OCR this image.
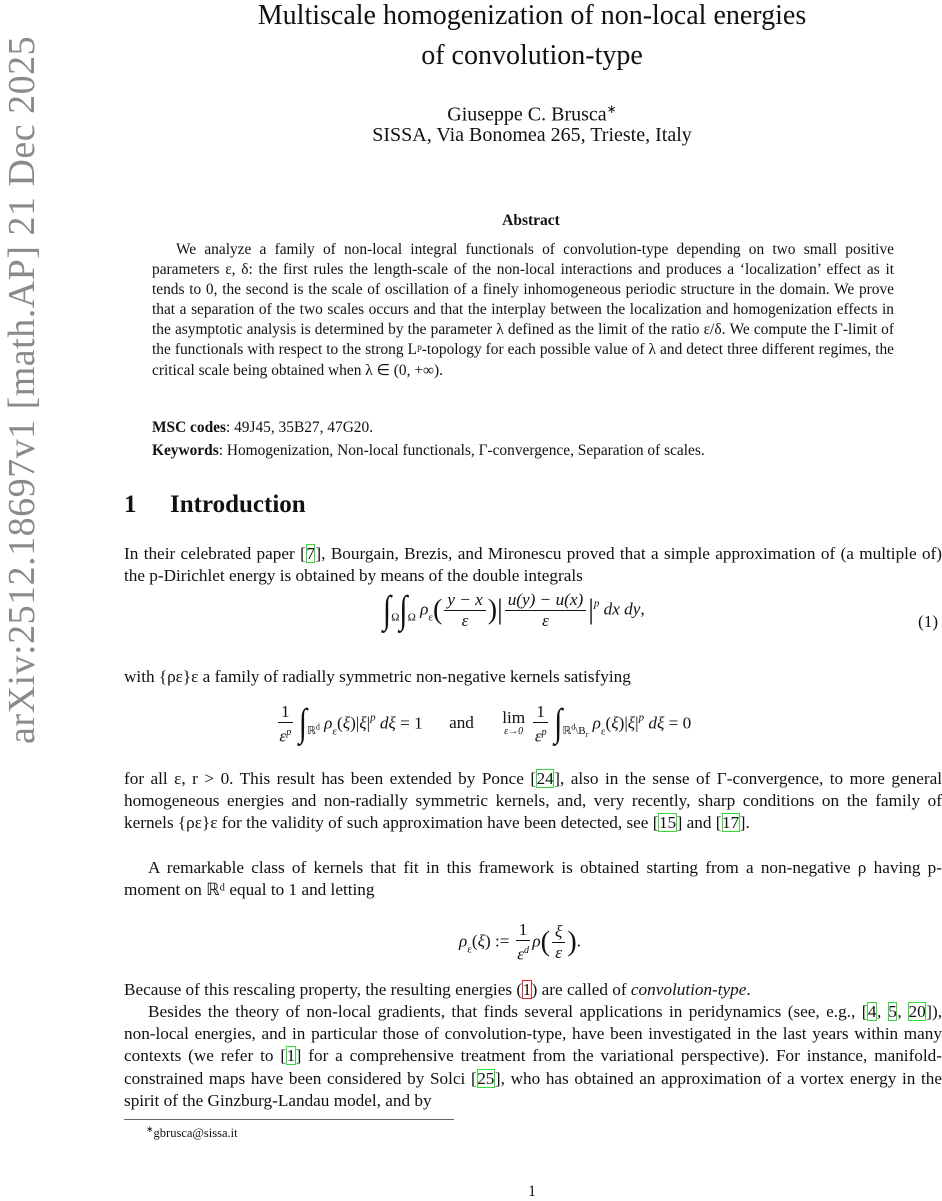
arXiv:2512.18697v1 [math.AP] 21 Dec 2025
Multiscale homogenization of non-local energies
of convolution-type
Giuseppe C. Brusca∗
SISSA, Via Bonomea 265, Trieste, Italy
Abstract
We analyze a family of non-local integral functionals of convolution-type depending on two small positive parameters ε, δ: the first rules the length-scale of the non-local interactions and produces a ‘localization’ effect as it tends to 0, the second is the scale of oscillation of a finely inhomogeneous periodic structure in the domain. We prove that a separation of the two scales occurs and that the interplay between the localization and homogenization effects in the asymptotic analysis is determined by the parameter λ defined as the limit of the ratio ε/δ. We compute the Γ-limit of the functionals with respect to the strong Lᵖ-topology for each possible value of λ and detect three different regimes, the critical scale being obtained when λ ∈ (0, +∞).
MSC codes: 49J45, 35B27, 47G20.
Keywords: Homogenization, Non-local functionals, Γ-convergence, Separation of scales.
1 Introduction
In their celebrated paper [7], Bourgain, Brezis, and Mironescu proved that a simple approximation of (a multiple of) the p-Dirichlet energy is obtained by means of the double integrals
$\int_\Omega\int_\Omega$ $\rho_\varepsilon( \frac{y - x}{\varepsilon}$ )| $\frac{u(y) - u(x)}{\varepsilon} |^p$ dx dy,
(1)
with {ρε}ε a family of radially symmetric non-negative kernels satisfying
$\frac{1}{\varepsilon^p} \int_{ℝ^d}$ $\rho_\varepsilon(\xi)|\xi|^p$ dξ = 1 and lim
ε→0
$\frac{1}{\varepsilon^p} \int_{ℝ^d\backslash B_r}$ $\rho_\varepsilon(\xi)|\xi|^p$ dξ = 0
for all ε, r > 0. This result has been extended by Ponce [24], also in the sense of Γ-convergence, to more general homogeneous energies and non-radially symmetric kernels, and, very recently, sharp conditions on the family of kernels {ρε}ε for the validity of such approximation have been detected, see [15] and [17].
A remarkable class of kernels that fit in this framework is obtained starting from a non-negative ρ having p-moment on ℝᵈ equal to 1 and letting
$\rho_\varepsilon(\xi)$ := $\frac{1}{\varepsilon^d} \rho( \frac{\xi}{\varepsilon}$ ).
Because of this rescaling property, the resulting energies (1) are called of convolution-type.
Besides the theory of non-local gradients, that finds several applications in peridynamics (see, e.g., [4, 5, 20]), non-local energies, and in particular those of convolution-type, have been investigated in the last years within many contexts (we refer to [1] for a comprehensive treatment from the variational perspective). For instance, manifold-constrained maps have been considered by Solci [25], who has obtained an approximation of a vortex energy in the spirit of the Ginzburg-Landau model, and by
∗gbrusca@sissa.it
1
